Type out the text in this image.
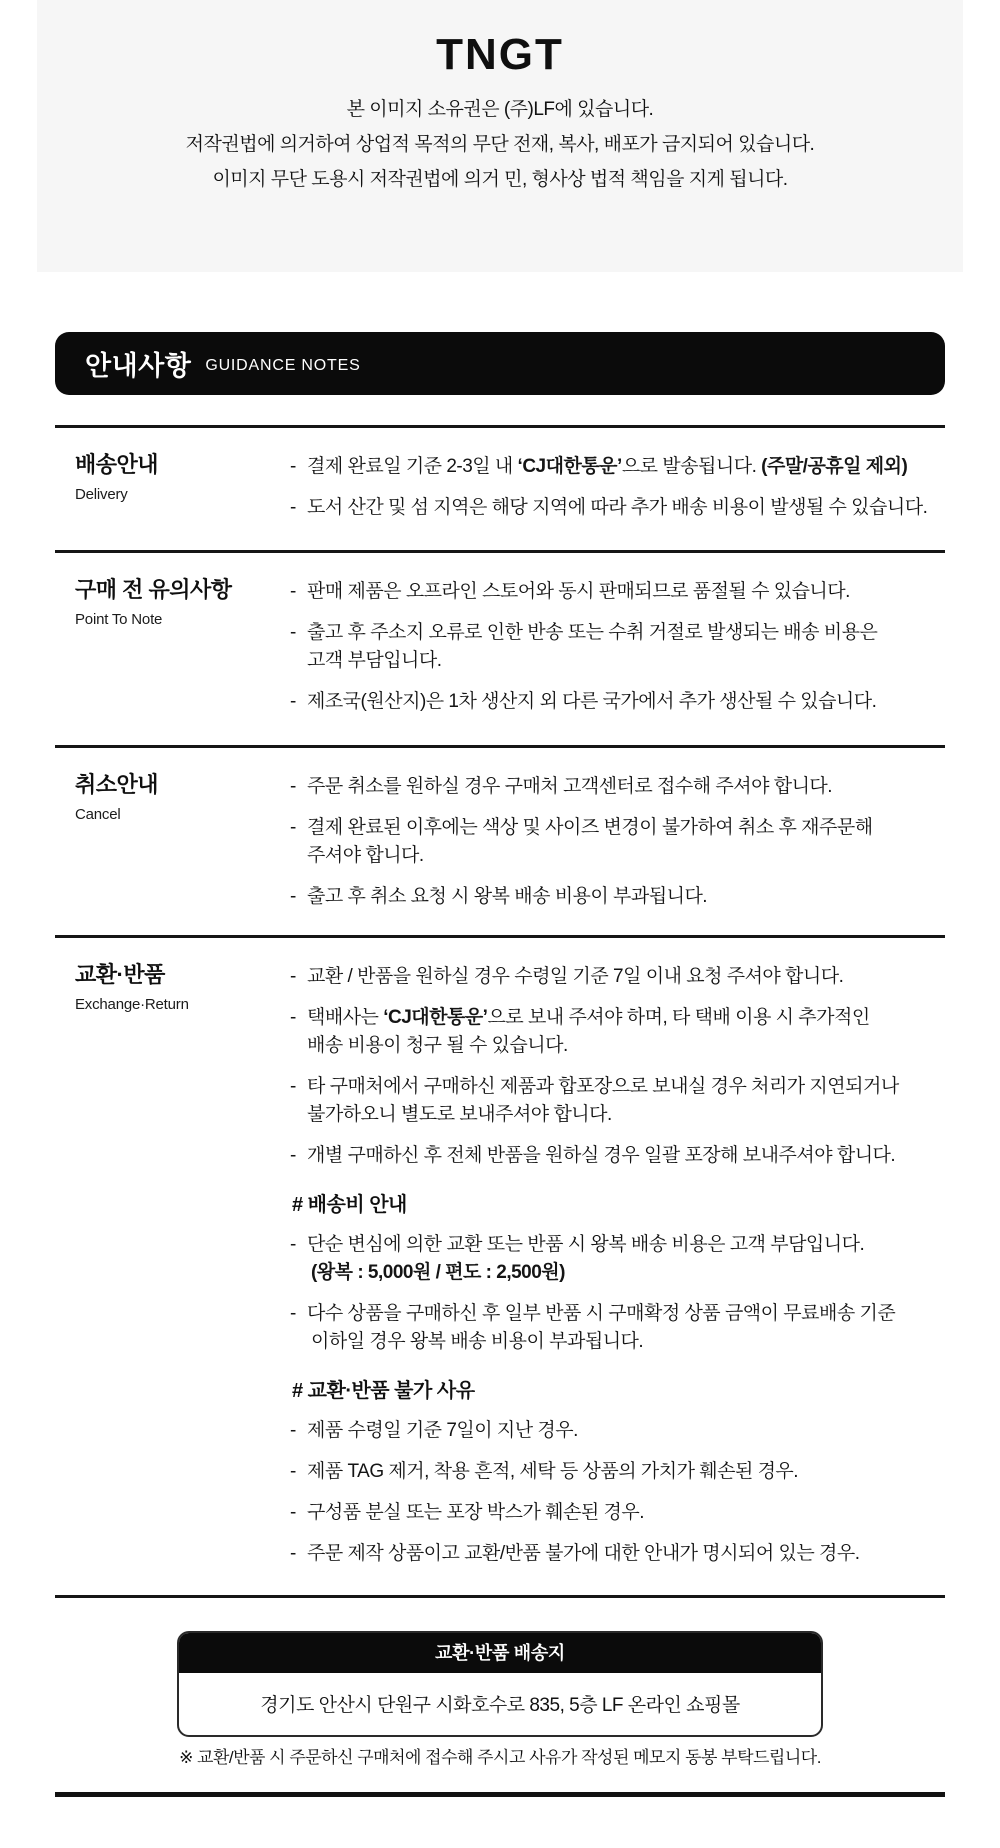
TNGT
본 이미지 소유권은 (주)LF에 있습니다.
저작권법에 의거하여 상업적 목적의 무단 전재, 복사, 배포가 금지되어 있습니다.
이미지 무단 도용시 저작권법에 의거 민, 형사상 법적 책임을 지게 됩니다.
안내사항 GUIDANCE NOTES
배송안내
Delivery
- 결제 완료일 기준 2-3일 내 ‘CJ대한통운’으로 발송됩니다. (주말/공휴일 제외)
- 도서 산간 및 섬 지역은 해당 지역에 따라 추가 배송 비용이 발생될 수 있습니다.
구매 전 유의사항
Point To Note
- 판매 제품은 오프라인 스토어와 동시 판매되므로 품절될 수 있습니다.
- 출고 후 주소지 오류로 인한 반송 또는 수취 거절로 발생되는 배송 비용은
고객 부담입니다.
- 제조국(원산지)은 1차 생산지 외 다른 국가에서 추가 생산될 수 있습니다.
취소안내
Cancel
- 주문 취소를 원하실 경우 구매처 고객센터로 접수해 주셔야 합니다.
- 결제 완료된 이후에는 색상 및 사이즈 변경이 불가하여 취소 후 재주문해
주셔야 합니다.
- 출고 후 취소 요청 시 왕복 배송 비용이 부과됩니다.
교환·반품
Exchange·Return
- 교환 / 반품을 원하실 경우 수령일 기준 7일 이내 요청 주셔야 합니다.
- 택배사는 ‘CJ대한통운’으로 보내 주셔야 하며, 타 택배 이용 시 추가적인
배송 비용이 청구 될 수 있습니다.
- 타 구매처에서 구매하신 제품과 합포장으로 보내실 경우 처리가 지연되거나
불가하오니 별도로 보내주셔야 합니다.
- 개별 구매하신 후 전체 반품을 원하실 경우 일괄 포장해 보내주셔야 합니다.
# 배송비 안내
- 단순 변심에 의한 교환 또는 반품 시 왕복 배송 비용은 고객 부담입니다.
(왕복 : 5,000원 / 편도 : 2,500원)
- 다수 상품을 구매하신 후 일부 반품 시 구매확정 상품 금액이 무료배송 기준
이하일 경우 왕복 배송 비용이 부과됩니다.
# 교환·반품 불가 사유
- 제품 수령일 기준 7일이 지난 경우.
- 제품 TAG 제거, 착용 흔적, 세탁 등 상품의 가치가 훼손된 경우.
- 구성품 분실 또는 포장 박스가 훼손된 경우.
- 주문 제작 상품이고 교환/반품 불가에 대한 안내가 명시되어 있는 경우.
교환·반품 배송지
경기도 안산시 단원구 시화호수로 835, 5층 LF 온라인 쇼핑몰
※ 교환/반품 시 주문하신 구매처에 접수해 주시고 사유가 작성된 메모지 동봉 부탁드립니다.
